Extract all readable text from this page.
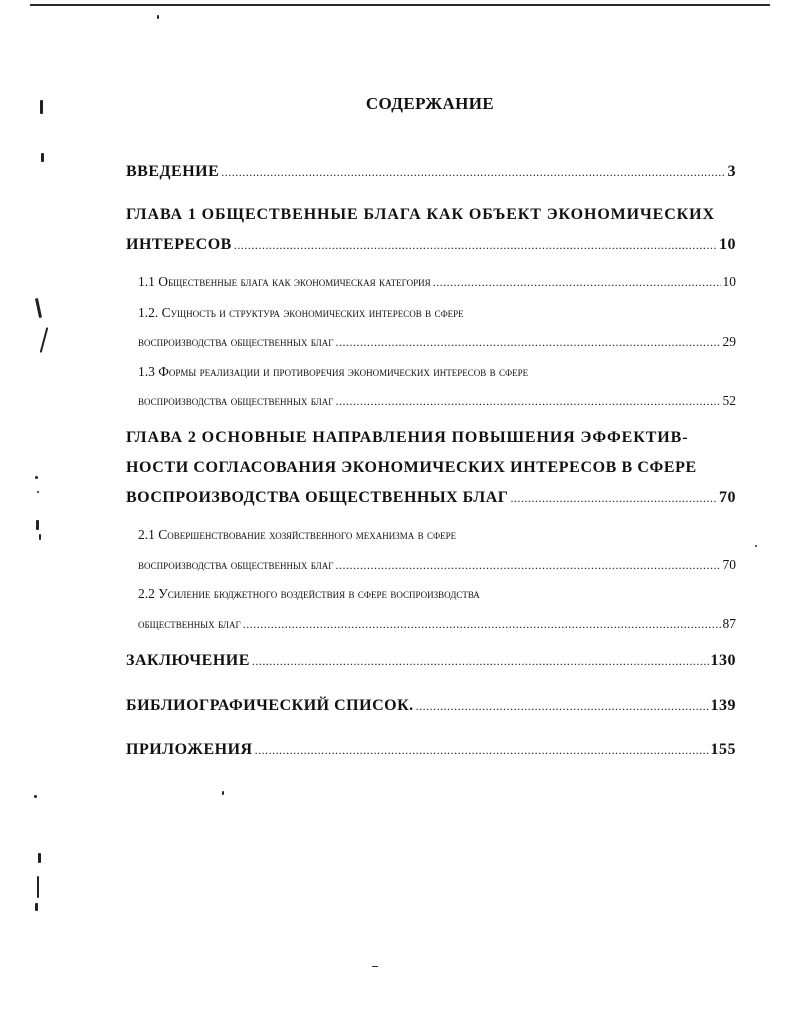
СОДЕРЖАНИЕ
ВВЕДЕНИЕ .....	3
ГЛАВА 1 ОБЩЕСТВЕННЫЕ БЛАГА КАК ОБЪЕКТ ЭКОНОМИЧЕСКИХ
ИНТЕРЕСОВ .....	10
1.1 Общественные блага как экономическая категория .....	10
1.2. Сущность и структура экономических интересов в сфере
воспроизводства общественных благ .....	29
1.3 Формы реализации и противоречия экономических интересов в сфере
воспроизводства общественных благ .....	52
ГЛАВА 2 ОСНОВНЫЕ НАПРАВЛЕНИЯ ПОВЫШЕНИЯ ЭФФЕКТИВ-
НОСТИ СОГЛАСОВАНИЯ ЭКОНОМИЧЕСКИХ ИНТЕРЕСОВ В СФЕРЕ
ВОСПРОИЗВОДСТВА ОБЩЕСТВЕННЫХ БЛАГ .....	70
2.1 Совершенствование хозяйственного механизма в сфере
воспроизводства общественных благ .....	70
2.2 Усиление бюджетного воздействия в сфере воспроизводства
общественных благ .....	87
ЗАКЛЮЧЕНИЕ .....	130
БИБЛИОГРАФИЧЕСКИЙ СПИСОК. .....	139
ПРИЛОЖЕНИЯ .....	155
